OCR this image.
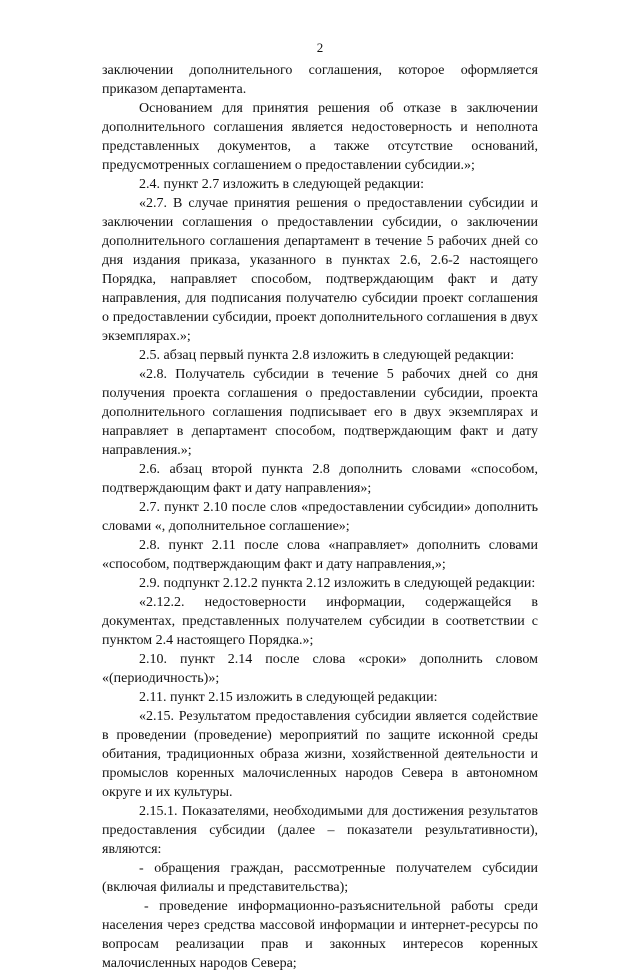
2

заключении дополнительного соглашения, которое оформляется приказом департамента.

Основанием для принятия решения об отказе в заключении дополнительного соглашения является недостоверность и неполнота представленных документов, а также отсутствие оснований, предусмотренных соглашением о предоставлении субсидии.»;

2.4. пункт 2.7 изложить в следующей редакции:

«2.7. В случае принятия решения о предоставлении субсидии и заключении соглашения о предоставлении субсидии, о заключении дополнительного соглашения департамент в течение 5 рабочих дней со дня издания приказа, указанного в пунктах 2.6, 2.6-2 настоящего Порядка, направляет способом, подтверждающим факт и дату направления, для подписания получателю субсидии проект соглашения о предоставлении субсидии, проект дополнительного соглашения в двух экземплярах.»;

2.5. абзац первый пункта 2.8 изложить в следующей редакции:

«2.8. Получатель субсидии в течение 5 рабочих дней со дня получения проекта соглашения о предоставлении субсидии, проекта дополнительного соглашения подписывает его в двух экземплярах и направляет в департамент способом, подтверждающим факт и дату направления.»;

2.6. абзац второй пункта 2.8 дополнить словами «способом, подтверждающим факт и дату направления»;

2.7. пункт 2.10 после слов «предоставлении субсидии» дополнить словами «, дополнительное соглашение»;

2.8. пункт 2.11 после слова «направляет» дополнить словами «способом, подтверждающим факт и дату направления,»;

2.9. подпункт 2.12.2 пункта 2.12 изложить в следующей редакции:

«2.12.2. недостоверности информации, содержащейся в документах, представленных получателем субсидии в соответствии с пунктом 2.4 настоящего Порядка.»;

2.10. пункт 2.14 после слова «сроки» дополнить словом «(периодичность)»;

2.11. пункт 2.15 изложить в следующей редакции:

«2.15. Результатом предоставления субсидии является содействие в проведении (проведение) мероприятий по защите исконной среды обитания, традиционных образа жизни, хозяйственной деятельности и промыслов коренных малочисленных народов Севера в автономном округе и их культуры.

2.15.1. Показателями, необходимыми для достижения результатов предоставления субсидии (далее – показатели результативности), являются:

- обращения граждан, рассмотренные получателем субсидии (включая филиалы и представительства);

- проведение информационно-разъяснительной работы среди населения через средства массовой информации и интернет-ресурсы по вопросам реализации прав и законных интересов коренных малочисленных народов Севера;
